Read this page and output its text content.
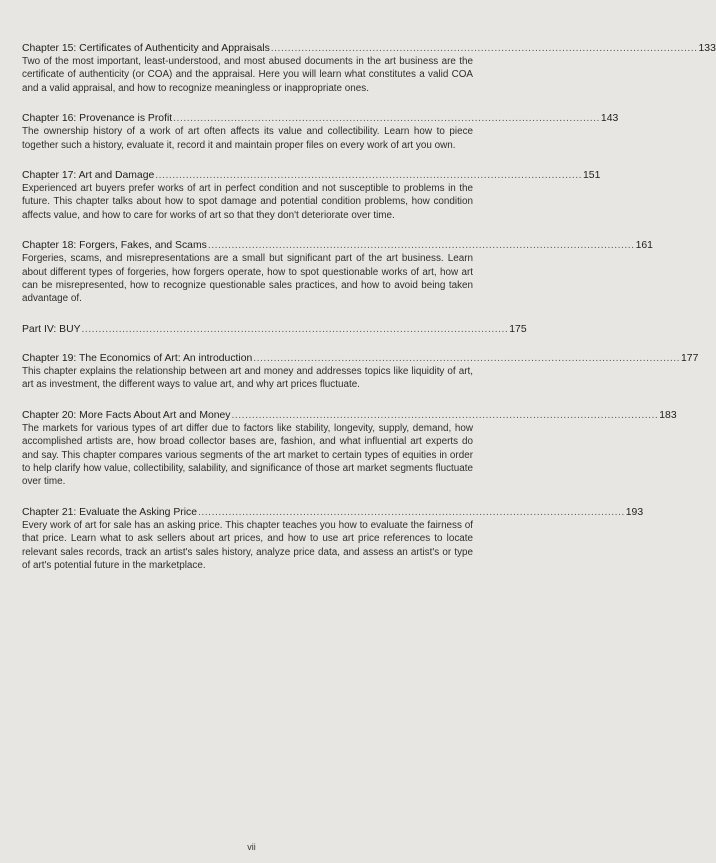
Chapter 15: Certificates of Authenticity and Appraisals .............................................................................................................................. 133

Two of the most important, least-understood, and most abused documents in the art business are the certificate of authenticity (or COA) and the appraisal. Here you will learn what constitutes a valid COA and a valid appraisal, and how to recognize meaningless or inappropriate ones.

Chapter 16: Provenance is Profit .............................................................................................................................. 143

The ownership history of a work of art often affects its value and collectibility. Learn how to piece together such a history, evaluate it, record it and maintain proper files on every work of art you own.

Chapter 17: Art and Damage .............................................................................................................................. 151

Experienced art buyers prefer works of art in perfect condition and not susceptible to problems in the future. This chapter talks about how to spot damage and potential condition problems, how condition affects value, and how to care for works of art so that they don't deteriorate over time.

Chapter 18: Forgers, Fakes, and Scams .............................................................................................................................. 161

Forgeries, scams, and misrepresentations are a small but significant part of the art business. Learn about different types of forgeries, how forgers operate, how to spot questionable works of art, how art can be misrepresented, how to recognize questionable sales practices, and how to avoid being taken advantage of.

Part IV: BUY .............................................................................................................................. 175
Chapter 19: The Economics of Art: An introduction .............................................................................................................................. 177

This chapter explains the relationship between art and money and addresses topics like liquidity of art, art as investment, the different ways to value art, and why art prices fluctuate.

Chapter 20: More Facts About Art and Money .............................................................................................................................. 183

The markets for various types of art differ due to factors like stability, longevity, supply, demand, how accomplished artists are, how broad collector bases are, fashion, and what influential art experts do and say. This chapter compares various segments of the art market to certain types of equities in order to help clarify how value, collectibility, salability, and significance of those art market segments fluctuate over time.

Chapter 21: Evaluate the Asking Price .............................................................................................................................. 193

Every work of art for sale has an asking price. This chapter teaches you how to evaluate the fairness of that price. Learn what to ask sellers about art prices, and how to use art price references to locate relevant sales records, track an artist's sales history, analyze price data, and assess an artist's or type of art's potential future in the marketplace.

vii
